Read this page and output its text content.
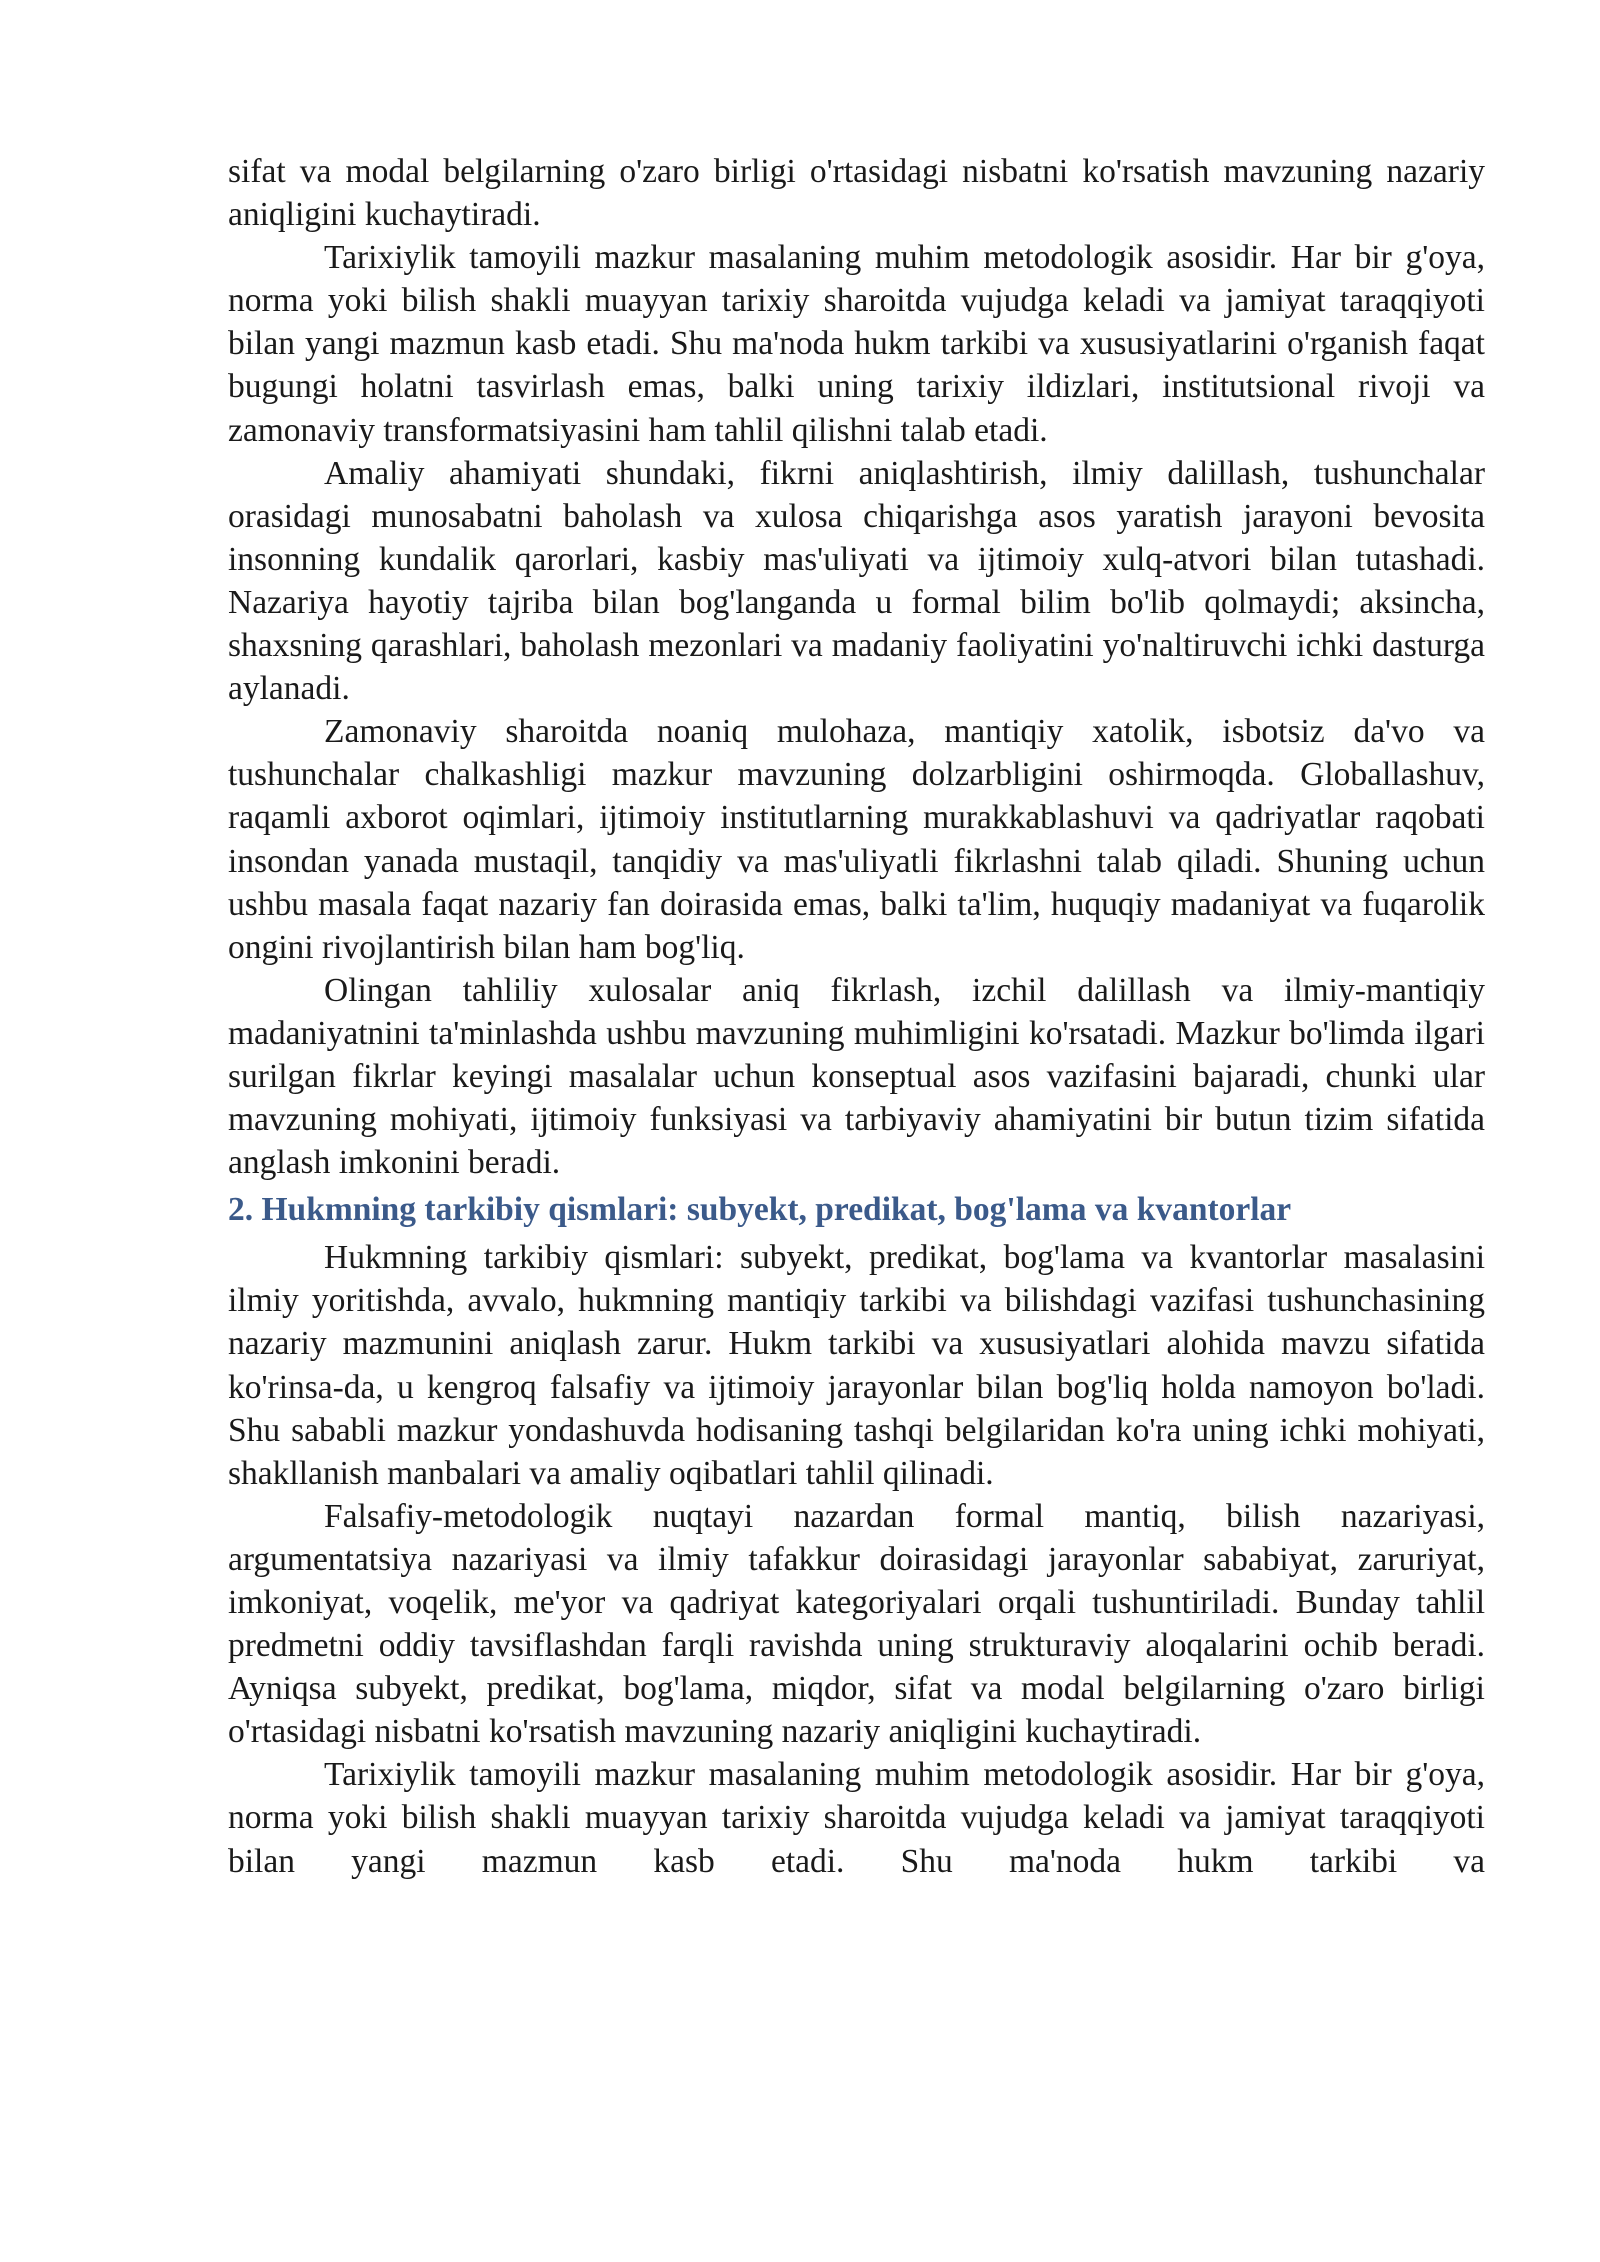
sifat va modal belgilarning o'zaro birligi o'rtasidagi nisbatni ko'rsatish mavzuning nazariy aniqligini kuchaytiradi.

Tarixiylik tamoyili mazkur masalaning muhim metodologik asosidir. Har bir g'oya, norma yoki bilish shakli muayyan tarixiy sharoitda vujudga keladi va jamiyat taraqqiyoti bilan yangi mazmun kasb etadi. Shu ma'noda hukm tarkibi va xususiyatlarini o'rganish faqat bugungi holatni tasvirlash emas, balki uning tarixiy ildizlari, institutsional rivoji va zamonaviy transformatsiyasini ham tahlil qilishni talab etadi.

Amaliy ahamiyati shundaki, fikrni aniqlashtirish, ilmiy dalillash, tushunchalar orasidagi munosabatni baholash va xulosa chiqarishga asos yaratish jarayoni bevosita insonning kundalik qarorlari, kasbiy mas'uliyati va ijtimoiy xulq-atvori bilan tutashadi. Nazariya hayotiy tajriba bilan bog'langanda u formal bilim bo'lib qolmaydi; aksincha, shaxsning qarashlari, baholash mezonlari va madaniy faoliyatini yo'naltiruvchi ichki dasturga aylanadi.

Zamonaviy sharoitda noaniq mulohaza, mantiqiy xatolik, isbotsiz da'vo va tushunchalar chalkashligi mazkur mavzuning dolzarbligini oshirmoqda. Globallashuv, raqamli axborot oqimlari, ijtimoiy institutlarning murakkablashuvi va qadriyatlar raqobati insondan yanada mustaqil, tanqidiy va mas'uliyatli fikrlashni talab qiladi. Shuning uchun ushbu masala faqat nazariy fan doirasida emas, balki ta'lim, huquqiy madaniyat va fuqarolik ongini rivojlantirish bilan ham bog'liq.

Olingan tahliliy xulosalar aniq fikrlash, izchil dalillash va ilmiy-mantiqiy madaniyatnini ta'minlashda ushbu mavzuning muhimligini ko'rsatadi. Mazkur bo'limda ilgari surilgan fikrlar keyingi masalalar uchun konseptual asos vazifasini bajaradi, chunki ular mavzuning mohiyati, ijtimoiy funksiyasi va tarbiyaviy ahamiyatini bir butun tizim sifatida anglash imkonini beradi.

2. Hukmning tarkibiy qismlari: subyekt, predikat, bog'lama va kvantorlar

Hukmning tarkibiy qismlari: subyekt, predikat, bog'lama va kvantorlar masalasini ilmiy yoritishda, avvalo, hukmning mantiqiy tarkibi va bilishdagi vazifasi tushunchasining nazariy mazmunini aniqlash zarur. Hukm tarkibi va xususiyatlari alohida mavzu sifatida ko'rinsa-da, u kengroq falsafiy va ijtimoiy jarayonlar bilan bog'liq holda namoyon bo'ladi. Shu sababli mazkur yondashuvda hodisaning tashqi belgilaridan ko'ra uning ichki mohiyati, shakllanish manbalari va amaliy oqibatlari tahlil qilinadi.

Falsafiy-metodologik nuqtayi nazardan formal mantiq, bilish nazariyasi, argumentatsiya nazariyasi va ilmiy tafakkur doirasidagi jarayonlar sababiyat, zaruriyat, imkoniyat, voqelik, me'yor va qadriyat kategoriyalari orqali tushuntiriladi. Bunday tahlil predmetni oddiy tavsiflashdan farqli ravishda uning strukturaviy aloqalarini ochib beradi. Ayniqsa subyekt, predikat, bog'lama, miqdor, sifat va modal belgilarning o'zaro birligi o'rtasidagi nisbatni ko'rsatish mavzuning nazariy aniqligini kuchaytiradi.

Tarixiylik tamoyili mazkur masalaning muhim metodologik asosidir. Har bir g'oya, norma yoki bilish shakli muayyan tarixiy sharoitda vujudga keladi va jamiyat taraqqiyoti bilan yangi mazmun kasb etadi. Shu ma'noda hukm tarkibi va
